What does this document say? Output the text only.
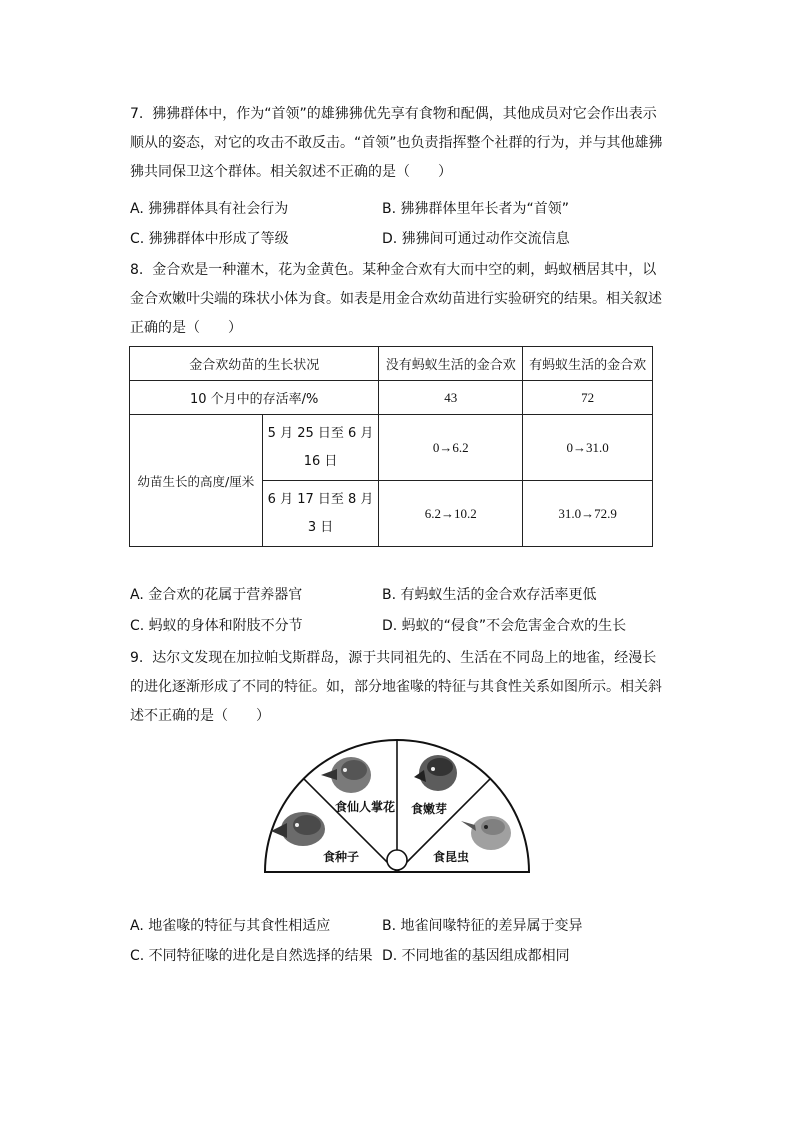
7. 狒狒群体中，作为“首领”的雄狒狒优先享有食物和配偶，其他成员对它会作出表示顺从的姿态，对它的攻击不敢反击。“首领”也负责指挥整个社群的行为，并与其他雄狒狒共同保卫这个群体。相关叙述不正确的是（　　）

A. 狒狒群体具有社会行为	B. 狒狒群体里年长者为“首领”
C. 狒狒群体中形成了等级	D. 狒狒间可通过动作交流信息

8. 金合欢是一种灌木，花为金黄色。某种金合欢有大而中空的刺，蚂蚁栖居其中，以金合欢嫩叶尖端的珠状小体为食。如表是用金合欢幼苗进行实验研究的结果。相关叙述正确的是（　　）

金合欢幼苗的生长状况		没有蚂蚁生活的金合欢	有蚂蚁生活的金合欢
10 个月中的存活率/%		43	72
幼苗生长的高度/厘米	5 月 25 日至 6 月 16 日	0→6.2	0→31.0
	6 月 17 日至 8 月 3 日	6.2→10.2	31.0→72.9
A. 金合欢的花属于营养器官	B. 有蚂蚁生活的金合欢存活率更低
C. 蚂蚁的身体和附肢不分节	D. 蚂蚁的“侵食”不会危害金合欢的生长

9. 达尔文发现在加拉帕戈斯群岛，源于共同祖先的、生活在不同岛上的地雀，经漫长的进化逐渐形成了不同的特征。如，部分地雀喙的特征与其食性关系如图所示。相关斜述不正确的是（　　）

食种子
食仙人掌花 食嫩芽
食昆虫
A. 地雀喙的特征与其食性相适应	B. 地雀间喙特征的差异属于变异
C. 不同特征喙的进化是自然选择的结果 D. 不同地雀的基因组成都相同
